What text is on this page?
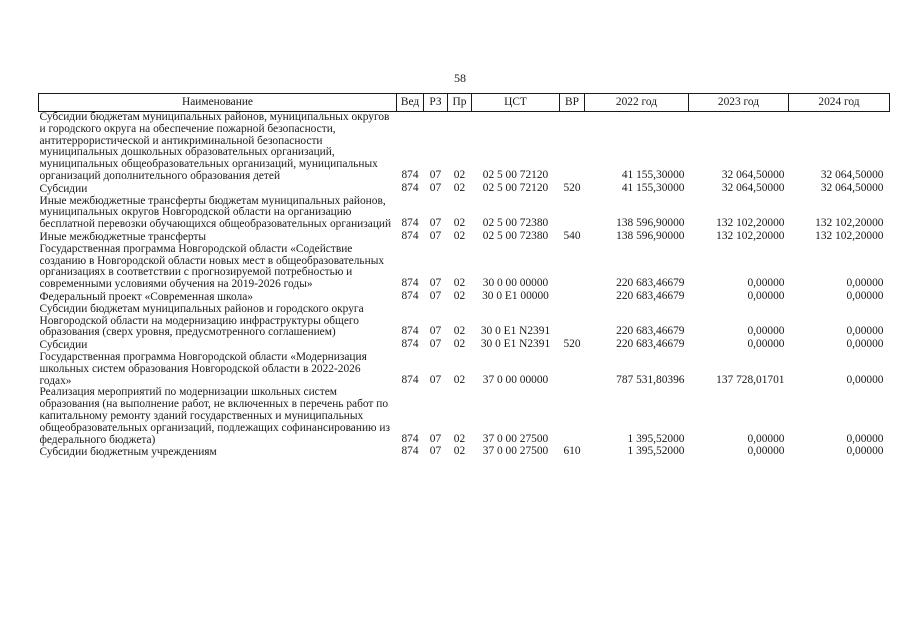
58
Наименование	Вед	РЗ	Пр	ЦСТ	ВР	2022 год	2023 год	2024 год
Субсидии бюджетам муниципальных районов, муниципальных округов и городского округа на обеспечение пожарной безопасности, антитеррористической и антикриминальной безопасности муниципальных дошкольных образовательных организаций, муниципальных общеобразовательных организаций, муниципальных организаций дополнительного образования детей	874	07	02	02 5 00 72120		41 155,30000	32 064,50000	32 064,50000
Субсидии	874	07	02	02 5 00 72120	520	41 155,30000	32 064,50000	32 064,50000
Иные межбюджетные трансферты бюджетам муниципальных районов, муниципальных округов Новгородской области на организацию бесплатной перевозки обучающихся общеобразовательных организаций	874	07	02	02 5 00 72380		138 596,90000	132 102,20000	132 102,20000
Иные межбюджетные трансферты	874	07	02	02 5 00 72380	540	138 596,90000	132 102,20000	132 102,20000
Государственная программа Новгородской области «Содействие созданию в Новгородской области новых мест в общеобразовательных организациях в соответствии с прогнозируемой потребностью и современными условиями обучения на 2019-2026 годы»	874	07	02	30 0 00 00000		220 683,46679	0,00000	0,00000
Федеральный проект «Современная школа»	874	07	02	30 0 E1 00000		220 683,46679	0,00000	0,00000
Субсидии бюджетам муниципальных районов и городского округа Новгородской области на модернизацию инфраструктуры общего образования (сверх уровня, предусмотренного соглашением)	874	07	02	30 0 E1 N2391		220 683,46679	0,00000	0,00000
Субсидии	874	07	02	30 0 E1 N2391	520	220 683,46679	0,00000	0,00000
Государственная программа Новгородской области «Модернизация школьных систем образования Новгородской области в 2022-2026 годах»	874	07	02	37 0 00 00000		787 531,80396	137 728,01701	0,00000
Реализация мероприятий по модернизации школьных систем образования (на выполнение работ, не включенных в перечень работ по капитальному ремонту зданий государственных и муниципальных общеобразовательных организаций, подлежащих софинансированию из федерального бюджета)	874	07	02	37 0 00 27500		1 395,52000	0,00000	0,00000
Субсидии бюджетным учреждениям	874	07	02	37 0 00 27500	610	1 395,52000	0,00000	0,00000
